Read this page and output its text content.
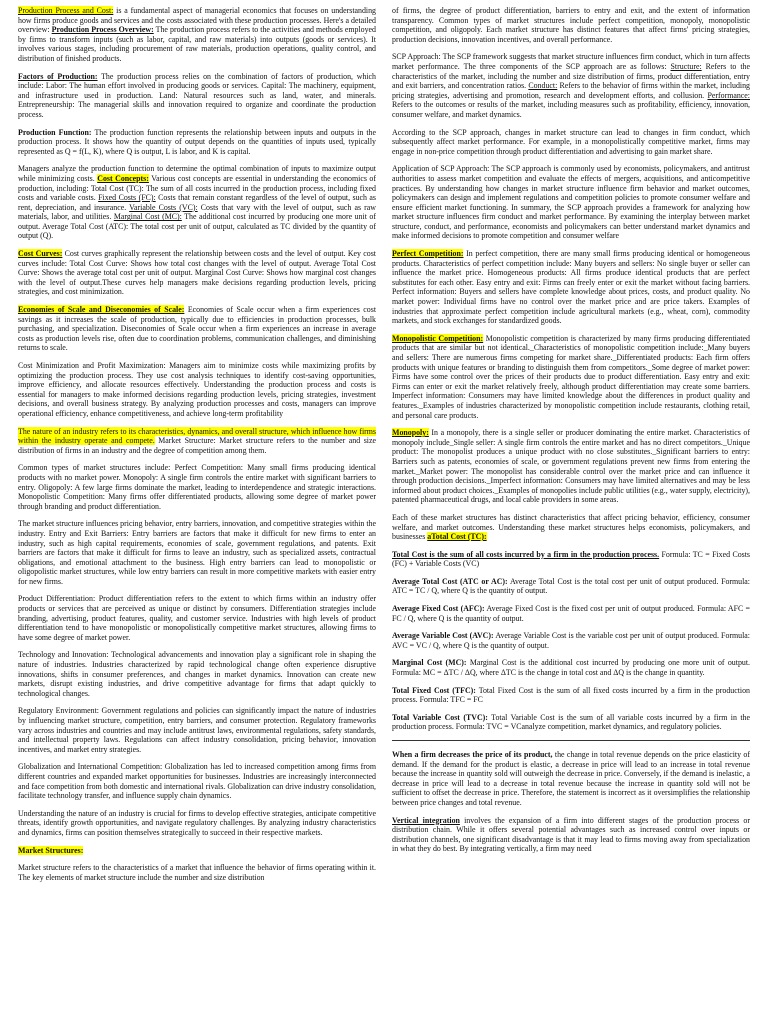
Production Process and Cost: is a fundamental aspect of managerial economics that focuses on understanding how firms produce goods and services and the costs associated with these production processes. Here's a detailed overview: Production Process Overview: The production process refers to the activities and methods employed by firms to transform inputs (such as labor, capital, and raw materials) into outputs (goods or services). It involves various stages, including procurement of raw materials, production operations, quality control, and distribution of finished products.

Factors of Production: The production process relies on the combination of factors of production, which include: Labor: The human effort involved in producing goods or services. Capital: The machinery, equipment, and infrastructure used in production. Land: Natural resources such as land, water, and minerals. Entrepreneurship: The managerial skills and innovation required to organize and coordinate the production process.

Production Function: The production function represents the relationship between inputs and outputs in the production process. It shows how the quantity of output depends on the quantities of inputs used, typically represented as Q = f(L, K), where Q is output, L is labor, and K is capital.

Managers analyze the production function to determine the optimal combination of inputs to maximize output while minimizing costs. Cost Concepts: Various cost concepts are essential in understanding the economics of production, including: Total Cost (TC): The sum of all costs incurred in the production process, including fixed costs and variable costs. Fixed Costs (FC): Costs that remain constant regardless of the level of output, such as rent, depreciation, and insurance. Variable Costs (VC): Costs that vary with the level of output, such as raw materials, labor, and utilities. Marginal Cost (MC): The additional cost incurred by producing one more unit of output. Average Total Cost (ATC): The total cost per unit of output, calculated as TC divided by the quantity of output (Q).

Cost Curves: Cost curves graphically represent the relationship between costs and the level of output. Key cost curves include: Total Cost Curve: Shows how total cost changes with the level of output. Average Total Cost Curve: Shows the average total cost per unit of output. Marginal Cost Curve: Shows how marginal cost changes with the level of output.These curves help managers make decisions regarding production levels, pricing strategies, and cost minimization.

Economies of Scale and Diseconomies of Scale: Economies of Scale occur when a firm experiences cost savings as it increases the scale of production, typically due to efficiencies in production processes, bulk purchasing, and specialization. Diseconomies of Scale occur when a firm experiences an increase in average costs as production levels rise, often due to coordination problems, communication challenges, and diminishing returns to scale.

Cost Minimization and Profit Maximization: Managers aim to minimize costs while maximizing profits by optimizing the production process. They use cost analysis techniques to identify cost-saving opportunities, improve efficiency, and allocate resources effectively. Understanding the production process and costs is essential for managers to make informed decisions regarding production levels, pricing strategies, investment decisions, and overall business strategy. By analyzing production processes and costs, managers can improve operational efficiency, enhance competitiveness, and achieve long-term profitability

The nature of an industry refers to its characteristics, dynamics, and overall structure, which influence how firms within the industry operate and compete. Market Structure: Market structure refers to the number and size distribution of firms in an industry and the degree of competition among them.

Common types of market structures include: Perfect Competition: Many small firms producing identical products with no market power. Monopoly: A single firm controls the entire market with significant barriers to entry. Oligopoly: A few large firms dominate the market, leading to interdependence and strategic interactions. Monopolistic Competition: Many firms offer differentiated products, allowing some degree of market power through branding and product differentiation.

The market structure influences pricing behavior, entry barriers, innovation, and competitive strategies within the industry. Entry and Exit Barriers: Entry barriers are factors that make it difficult for new firms to enter an industry, such as high capital requirements, economies of scale, government regulations, and patents. Exit barriers are factors that make it difficult for firms to leave an industry, such as specialized assets, contractual obligations, and emotional attachment to the business. High entry barriers can lead to monopolistic or oligopolistic market structures, while low entry barriers can result in more competitive markets with easier entry for new firms.

Product Differentiation: Product differentiation refers to the extent to which firms within an industry offer products or services that are perceived as unique or distinct by consumers. Differentiation strategies include branding, advertising, product features, quality, and customer service. Industries with high levels of product differentiation tend to have monopolistic or monopolistically competitive market structures, allowing firms to have some degree of market power.

Technology and Innovation: Technological advancements and innovation play a significant role in shaping the nature of industries. Industries characterized by rapid technological change often experience disruptive innovations, shifts in consumer preferences, and changes in market dynamics. Innovation can create new markets, disrupt existing industries, and drive competitive advantage for firms that adapt quickly to technological changes.

Regulatory Environment: Government regulations and policies can significantly impact the nature of industries by influencing market structure, competition, entry barriers, and consumer protection. Regulatory frameworks vary across industries and countries and may include antitrust laws, environmental regulations, safety standards, and intellectual property laws. Regulations can affect industry consolidation, pricing behavior, innovation incentives, and market entry strategies.

Globalization and International Competition: Globalization has led to increased competition among firms from different countries and expanded market opportunities for businesses. Industries are increasingly interconnected and face competition from both domestic and international rivals. Globalization can drive industry consolidation, facilitate technology transfer, and influence supply chain dynamics.

Understanding the nature of an industry is crucial for firms to develop effective strategies, anticipate competitive threats, identify growth opportunities, and navigate regulatory challenges. By analyzing industry characteristics and dynamics, firms can position themselves strategically to succeed in their respective markets.

Market Structures:

Market structure refers to the characteristics of a market that influence the behavior of firms operating within it. The key elements of market structure include the number and size distribution

of firms, the degree of product differentiation, barriers to entry and exit, and the extent of information transparency. Common types of market structures include perfect competition, monopoly, monopolistic competition, and oligopoly. Each market structure has distinct features that affect firms' pricing strategies, production decisions, innovation incentives, and overall performance.

SCP Approach: The SCP framework suggests that market structure influences firm conduct, which in turn affects market performance. The three components of the SCP approach are as follows: Structure: Refers to the characteristics of the market, including the number and size distribution of firms, product differentiation, entry and exit barriers, and concentration ratios. Conduct: Refers to the behavior of firms within the market, including pricing strategies, advertising and promotion, research and development efforts, and collusion. Performance: Refers to the outcomes or results of the market, including measures such as profitability, efficiency, innovation, consumer welfare, and market dynamics.

According to the SCP approach, changes in market structure can lead to changes in firm conduct, which subsequently affect market performance. For example, in a monopolistically competitive market, firms may engage in non-price competition through product differentiation and advertising to gain market share.

Application of SCP Approach: The SCP approach is commonly used by economists, policymakers, and antitrust authorities to assess market competition and evaluate the effects of mergers, acquisitions, and anticompetitive practices. By understanding how changes in market structure influence firm behavior and market outcomes, policymakers can design and implement regulations and competition policies to promote consumer welfare and ensure efficient market functioning. In summary, the SCP approach provides a framework for analyzing how market structure influences firm conduct and market performance. By examining the interplay between market structure, conduct, and performance, economists and policymakers can better understand market dynamics and make informed decisions to promote competition and consumer welfare

Perfect Competition: In perfect competition, there are many small firms producing identical or homogeneous products. Characteristics of perfect competition include: Many buyers and sellers: No single buyer or seller can influence the market price. Homogeneous products: All firms produce identical products that are perfect substitutes for each other. Easy entry and exit: Firms can freely enter or exit the market without facing barriers. Perfect information: Buyers and sellers have complete knowledge about prices, costs, and product quality. No market power: Individual firms have no control over the market price and are price takers. Examples of industries that approximate perfect competition include agricultural markets (e.g., wheat, corn), commodity markets, and stock exchanges for standardized goods.

Monopolistic Competition: Monopolistic competition is characterized by many firms producing differentiated products that are similar but not identical._Characteristics of monopolistic competition include:_Many buyers and sellers: There are numerous firms competing for market share._Differentiated products: Each firm offers products with unique features or branding to distinguish them from competitors._Some degree of market power: Firms have some control over the prices of their products due to product differentiation. Easy entry and exit: Firms can enter or exit the market relatively freely, although product differentiation may create some barriers. Imperfect information: Consumers may have limited knowledge about the differences in product quality and features._Examples of industries characterized by monopolistic competition include restaurants, clothing retail, and personal care products.

Monopoly: In a monopoly, there is a single seller or producer dominating the entire market. Characteristics of monopoly include_Single seller: A single firm controls the entire market and has no direct competitors._Unique product: The monopolist produces a unique product with no close substitutes._Significant barriers to entry: Barriers such as patents, economies of scale, or government regulations prevent new firms from entering the market._Market power: The monopolist has considerable control over the market price and can influence it through production decisions._Imperfect information: Consumers may have limited alternatives and may be less informed about product choices._Examples of monopolies include public utilities (e.g., water supply, electricity), patented pharmaceutical drugs, and local cable providers in some areas.

Each of these market structures has distinct characteristics that affect pricing behavior, efficiency, consumer welfare, and market outcomes. Understanding these market structures helps economists, policymakers, and businesses aTotal Cost (TC):

Total Cost is the sum of all costs incurred by a firm in the production process. Formula: TC = Fixed Costs (FC) + Variable Costs (VC)

Average Total Cost (ATC or AC): Average Total Cost is the total cost per unit of output produced. Formula: ATC = TC / Q, where Q is the quantity of output.

Average Fixed Cost (AFC): Average Fixed Cost is the fixed cost per unit of output produced. Formula: AFC = FC / Q, where Q is the quantity of output.

Average Variable Cost (AVC): Average Variable Cost is the variable cost per unit of output produced. Formula: AVC = VC / Q, where Q is the quantity of output.

Marginal Cost (MC): Marginal Cost is the additional cost incurred by producing one more unit of output. Formula: MC = ΔTC / ΔQ, where ΔTC is the change in total cost and ΔQ is the change in quantity.

Total Fixed Cost (TFC): Total Fixed Cost is the sum of all fixed costs incurred by a firm in the production process. Formula: TFC = FC

Total Variable Cost (TVC): Total Variable Cost is the sum of all variable costs incurred by a firm in the production process. Formula: TVC = VCanalyze competition, market dynamics, and regulatory policies.

When a firm decreases the price of its product, the change in total revenue depends on the price elasticity of demand. If the demand for the product is elastic, a decrease in price will lead to an increase in total revenue because the increase in quantity sold will outweigh the decrease in price. Conversely, if the demand is inelastic, a decrease in price will lead to a decrease in total revenue because the increase in quantity sold will not be sufficient to offset the decrease in price. Therefore, the statement is incorrect as it oversimplifies the relationship between price changes and total revenue.

Vertical integration involves the expansion of a firm into different stages of the production process or distribution chain. While it offers several potential advantages such as increased control over inputs or distribution channels, one significant disadvantage is that it may lead to firms moving away from specialization in what they do best. By integrating vertically, a firm may need
